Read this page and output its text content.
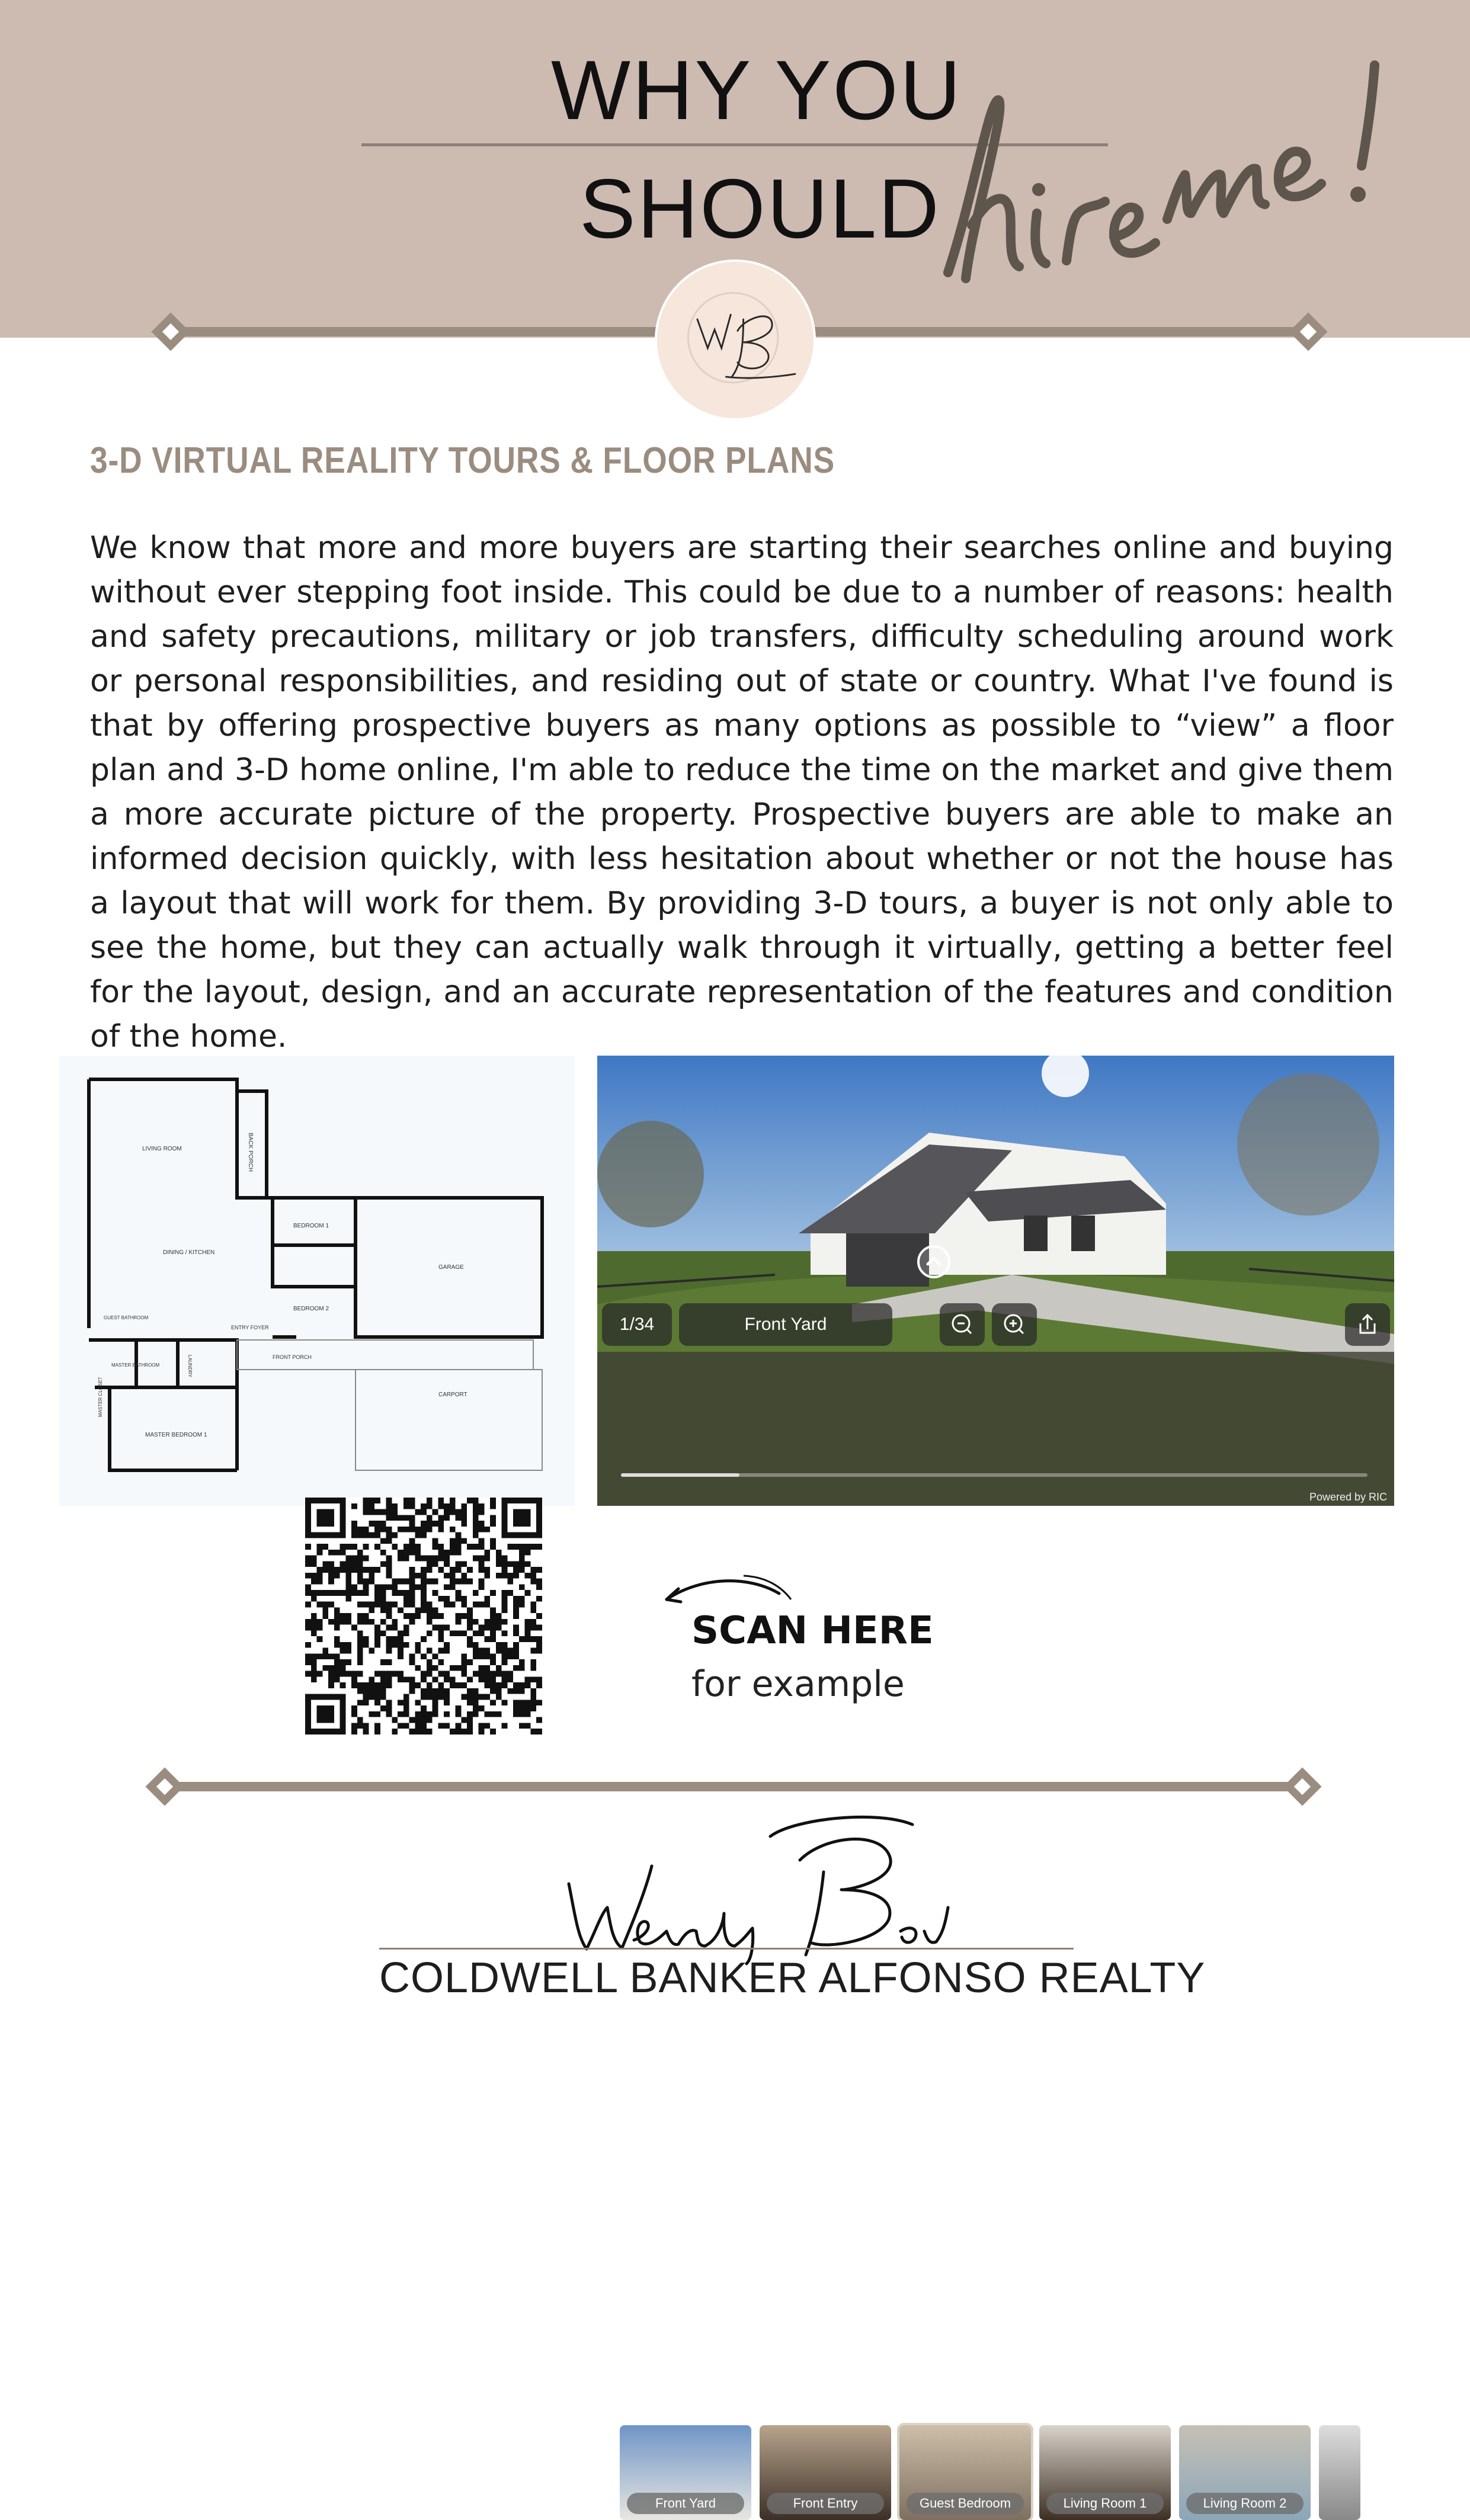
WHY YOU
SHOULD
3-D VIRTUAL REALITY TOURS & FLOOR PLANS
We know that more and more buyers are starting their searches online and buying without ever stepping foot inside. This could be due to a number of reasons: health and safety precautions, military or job transfers, difficulty scheduling around work or personal responsibilities, and residing out of state or country. What I've found is that by offering prospective buyers as many options as possible to “view” a floor plan and 3-D home online, I'm able to reduce the time on the market and give them a more accurate picture of the property. Prospective buyers are able to make an informed decision quickly, with less hesitation about whether or not the house has a layout that will work for them. By providing 3-D tours, a buyer is not only able to see the home, but they can actually walk through it virtually, getting a better feel for the layout, design, and an accurate representation of the features and condition of the home.
LIVING ROOM	BACK PORCH
BEDROOM 1
GARAGE
DINING / KITCHEN
BEDROOM 2
GUEST BATHROOM
ENTRY FOYER
MASTER BATHROOM	LAUNDRY	FRONT PORCH
CARPORT
MASTER CLOSET
MASTER BEDROOM 1
1/34	Front Yard
Front Yard	Front Entry	Guest Bedroom	Living Room 1	Living Room 2
Powered by RIC
SCAN HERE
for example
COLDWELL BANKER ALFONSO REALTY
